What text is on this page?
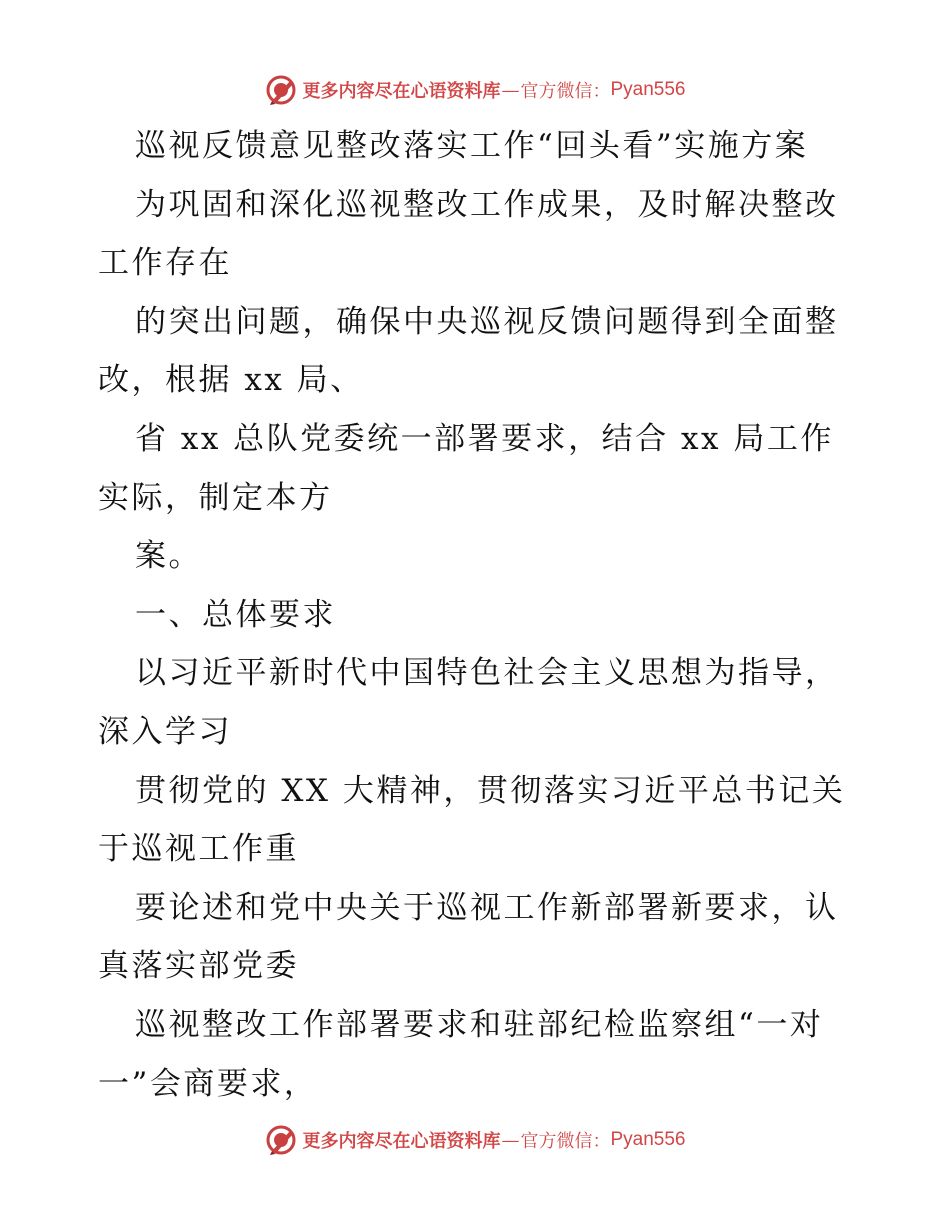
更多内容尽在心语资料库 — 官方微信： Pyan556
巡视反馈意见整改落实工作“回头看”实施方案
为巩固和深化巡视整改工作成果，及时解决整改
工作存在
的突出问题，确保中央巡视反馈问题得到全面整
改，根据 xx 局、
省 xx 总队党委统一部署要求，结合 xx 局工作
实际，制定本方
案。
一、总体要求
以习近平新时代中国特色社会主义思想为指导，
深入学习
贯彻党的 XX 大精神，贯彻落实习近平总书记关
于巡视工作重
要论述和党中央关于巡视工作新部署新要求，认
真落实部党委
巡视整改工作部署要求和驻部纪检监察组“一对
一”会商要求，
更多内容尽在心语资料库 — 官方微信： Pyan556
